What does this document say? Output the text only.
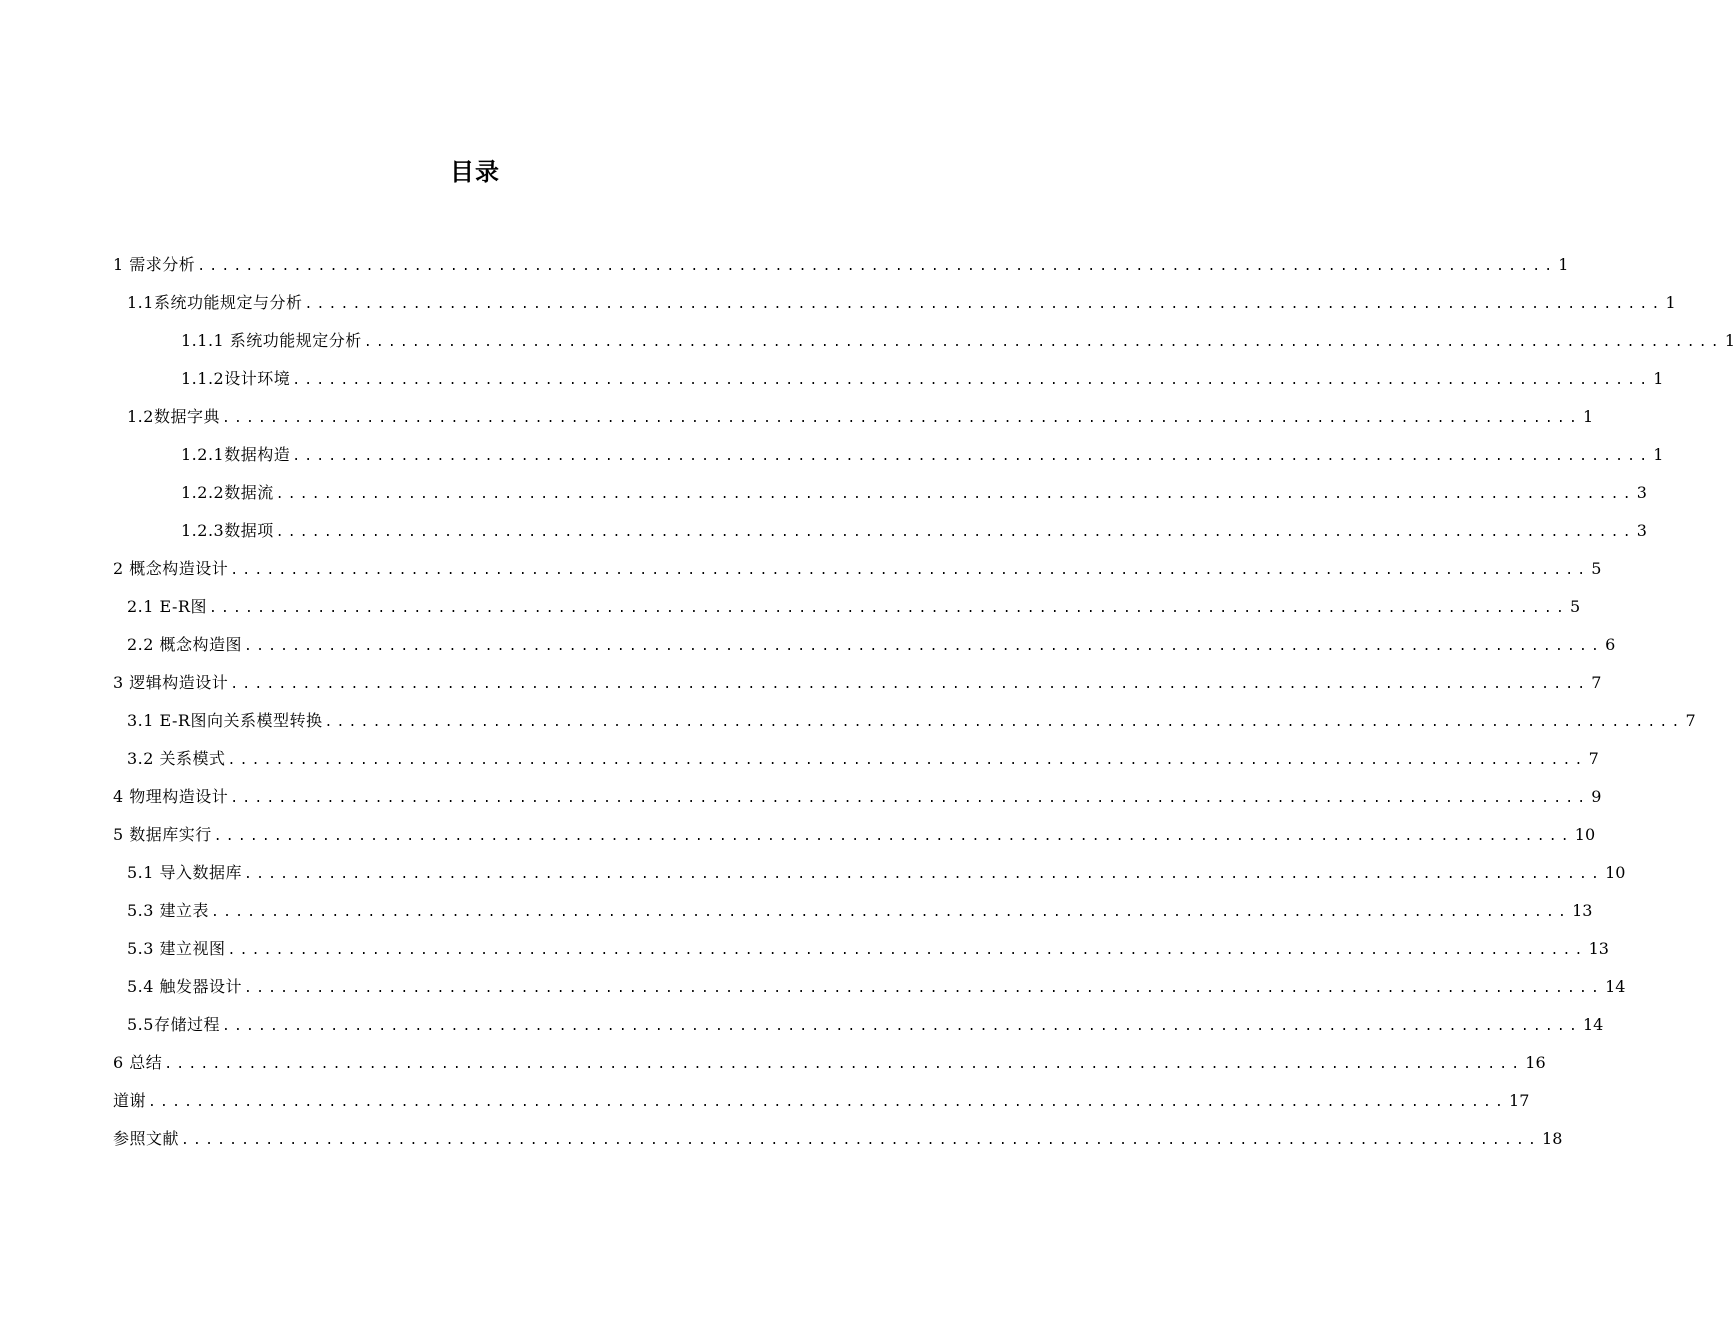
目录
1 需求分析 ................................................................................................................. 1
1.1系统功能规定与分析 ................................................................................................................. 1
1.1.1 系统功能规定分析 ................................................................................................................. 1
1.1.2设计环境 ................................................................................................................. 1
1.2数据字典 ................................................................................................................. 1
1.2.1数据构造 ................................................................................................................. 1
1.2.2数据流 ................................................................................................................. 3
1.2.3数据项 ................................................................................................................. 3
2 概念构造设计 ................................................................................................................. 5
2.1 E-R图 ................................................................................................................. 5
2.2 概念构造图 ................................................................................................................. 6
3 逻辑构造设计 ................................................................................................................. 7
3.1 E-R图向关系模型转换 ................................................................................................................. 7
3.2 关系模式 ................................................................................................................. 7
4 物理构造设计 ................................................................................................................. 9
5 数据库实行 ................................................................................................................. 10
5.1 导入数据库 ................................................................................................................. 10
5.3 建立表 ................................................................................................................. 13
5.3 建立视图 ................................................................................................................. 13
5.4 触发器设计 ................................................................................................................. 14
5.5存储过程 ................................................................................................................. 14
6 总结 ................................................................................................................. 16
道谢 ................................................................................................................. 17
参照文献 ................................................................................................................. 18
